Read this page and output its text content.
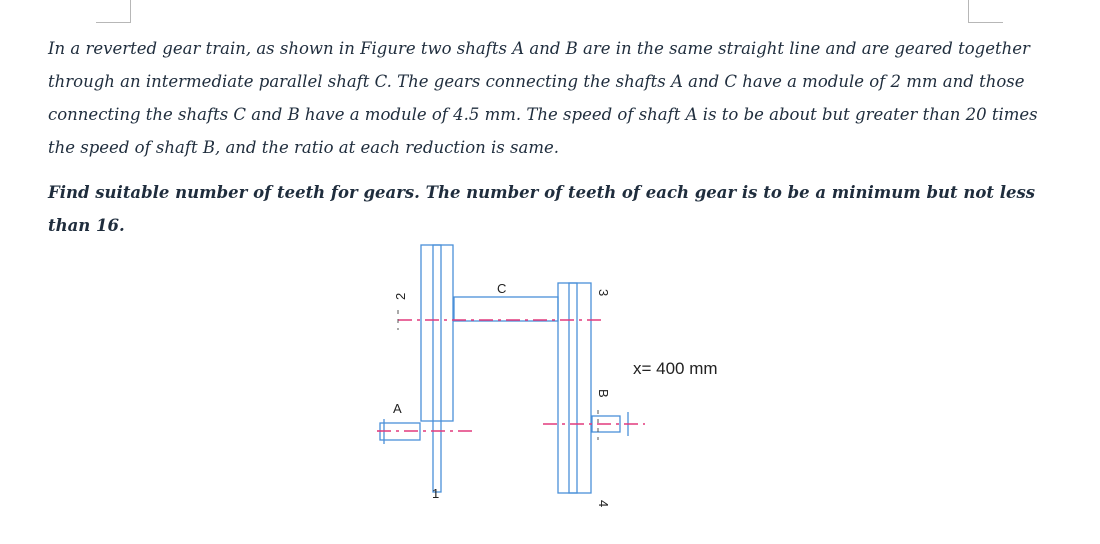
In a reverted gear train, as shown in Figure two shafts A and B are in the same straight line and are geared together through an intermediate parallel shaft C. The gears connecting the shafts A and C have a module of 2 mm and those connecting the shafts C and B have a module of 4.5 mm. The speed of shaft A is to be about but greater than 20 times the speed of shaft B, and the ratio at each reduction is same.

Find suitable number of teeth for gears. The number of teeth of each gear is to be a minimum but not less than 16.

2
C	3
A
B
1
4
x= 400 mm
